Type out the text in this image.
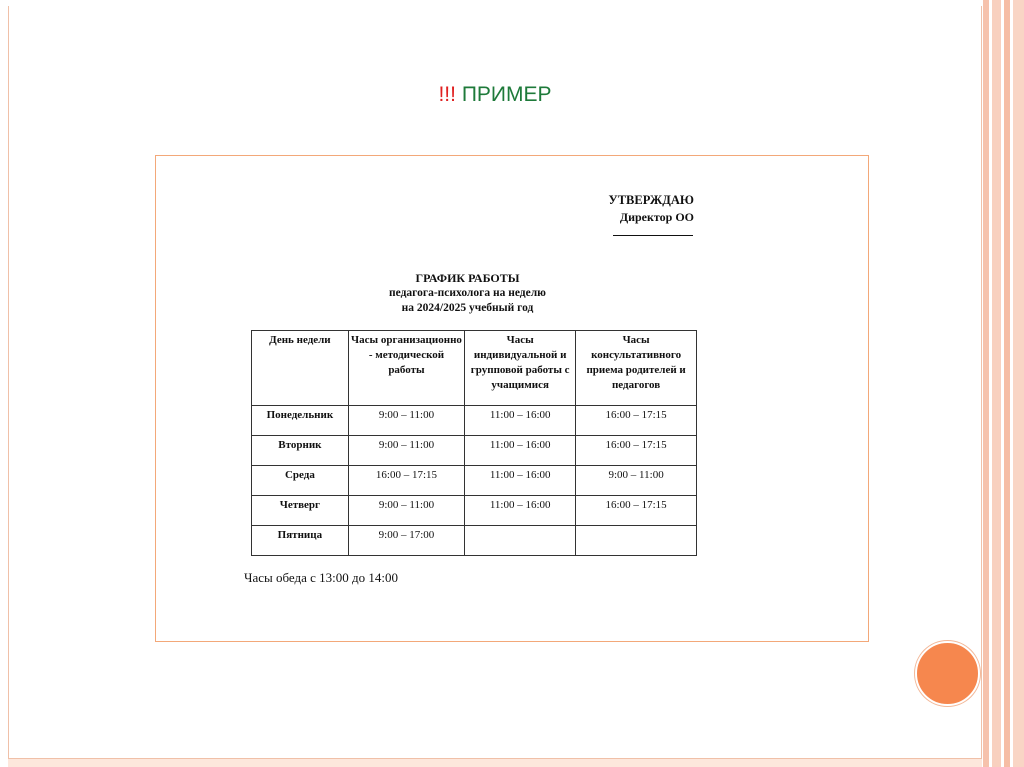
!!! ПРИМЕР
УТВЕРЖДАЮ
Директор ОО
ГРАФИК РАБОТЫ
педагога-психолога на неделю
на 2024/2025 учебный год
День недели	Часы организационно - методической работы	Часы индивидуальной и групповой работы с учащимися	Часы консультативного приема родителей и педагогов
Понедельник	9:00 – 11:00	11:00 – 16:00	16:00 – 17:15
Вторник	9:00 – 11:00	11:00 – 16:00	16:00 – 17:15
Среда	16:00 – 17:15	11:00 – 16:00	9:00 – 11:00
Четверг	9:00 – 11:00	11:00 – 16:00	16:00 – 17:15
Пятница	9:00 – 17:00		
Часы обеда с 13:00 до 14:00
